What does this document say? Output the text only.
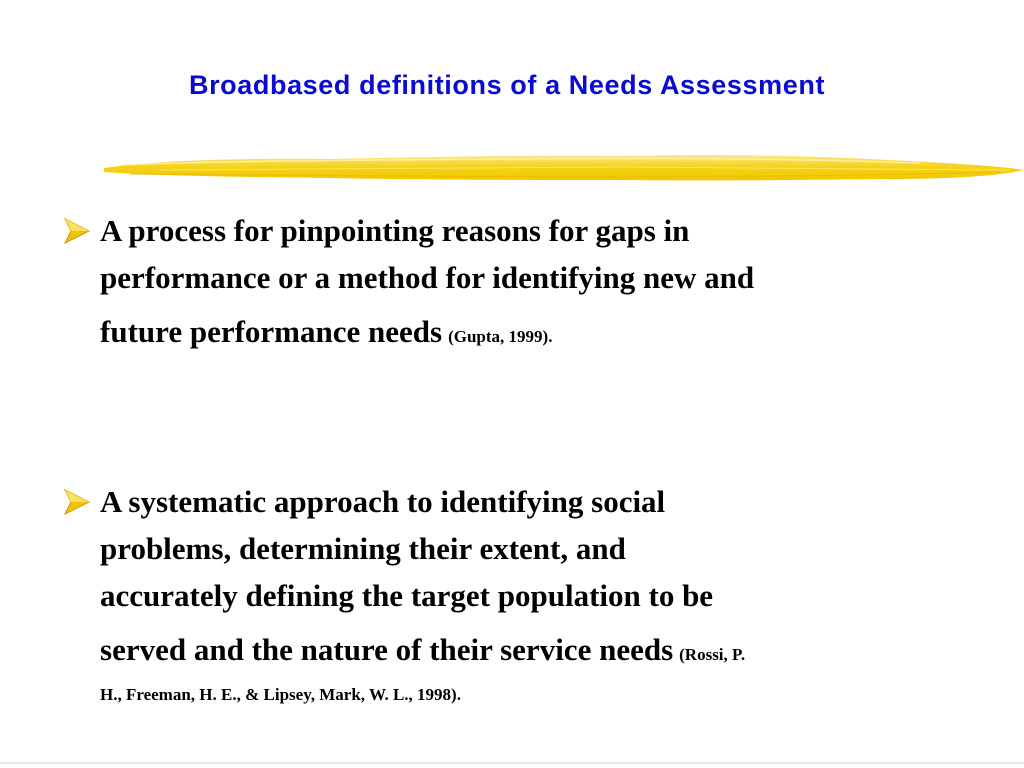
Broadbased definitions of a Needs Assessment
A process for pinpointing reasons for gaps in
performance or a method for identifying new and
future performance needs (Gupta, 1999).
A systematic approach to identifying social
problems, determining their extent, and
accurately defining the target population to be
served and the nature of their service needs (Rossi, P.
H., Freeman, H. E., & Lipsey, Mark, W. L., 1998).
